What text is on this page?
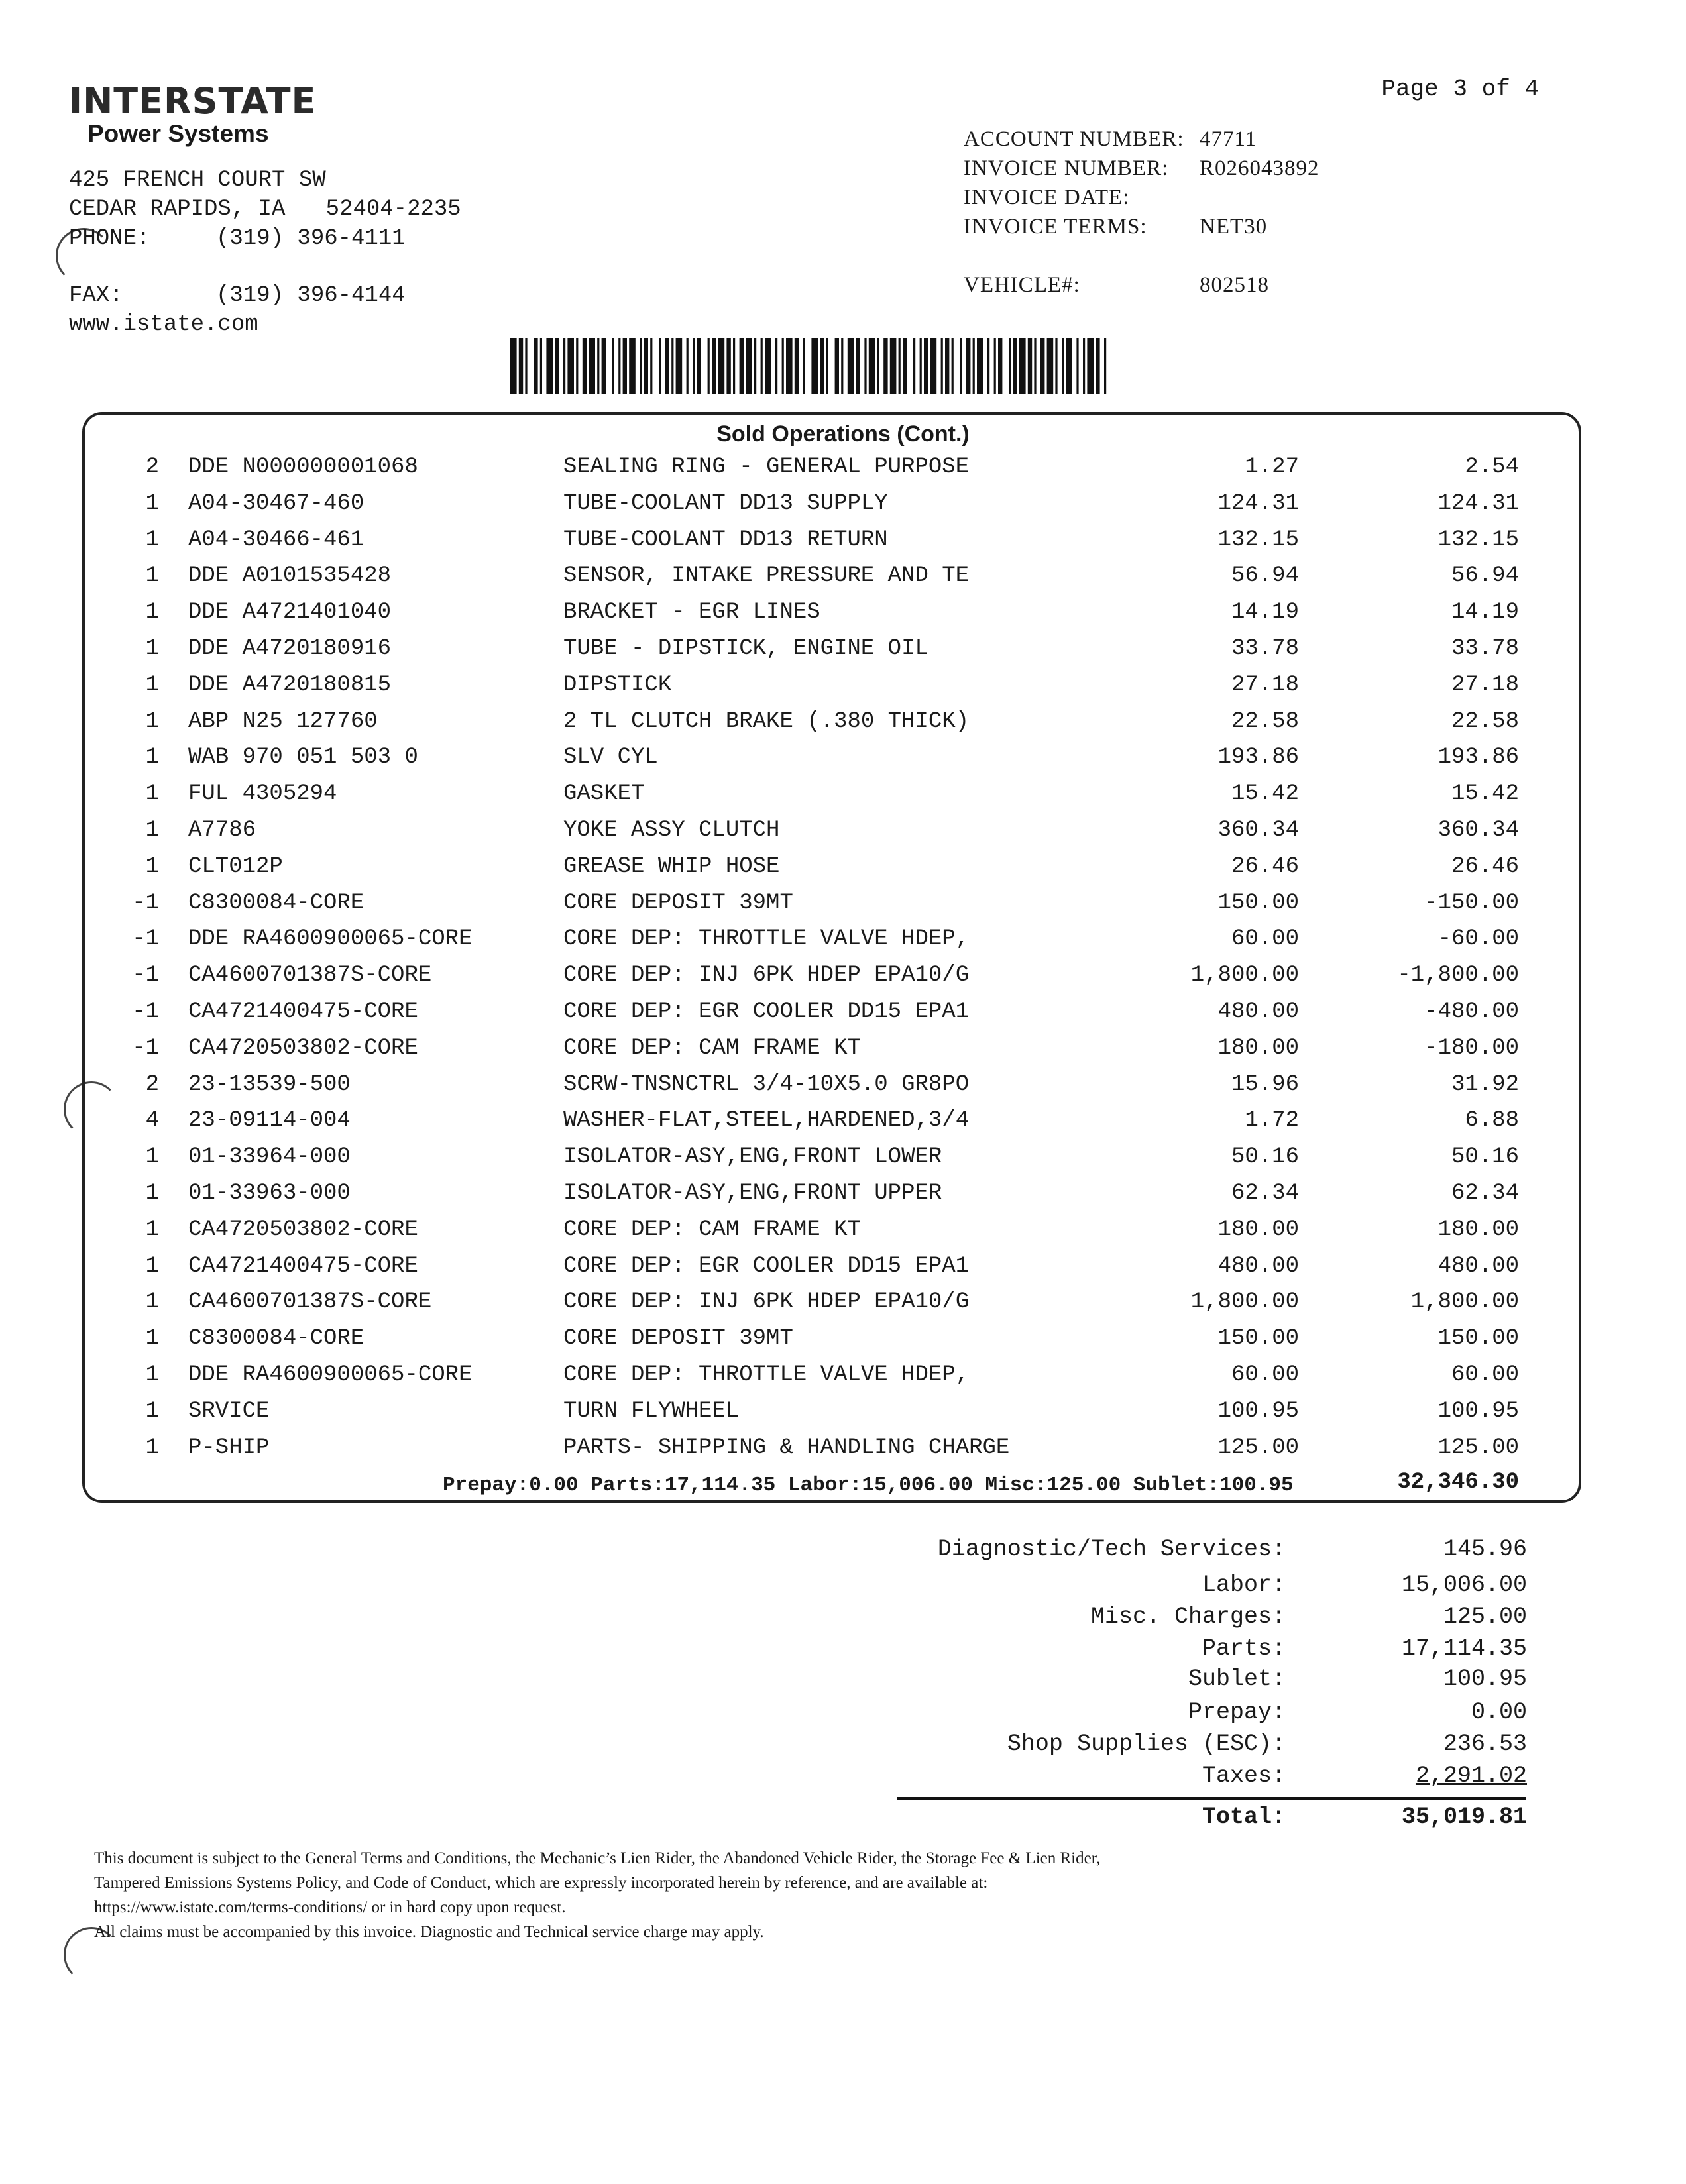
INTERSTATE
Power Systems
425 FRENCH COURT SW
CEDAR RAPIDS, IA   52404-2235
PHONE:	(319) 396-4111
FAX:	(319) 396-4144
www.istate.com
Page 3 of 4
ACCOUNT NUMBER: 47711
INVOICE NUMBER: R026043892
INVOICE DATE:
INVOICE TERMS: NET30
VEHICLE#:	802518
Sold Operations (Cont.)
2 DDE N000000001068	SEALING RING - GENERAL PURPOSE	1.27	2.54
1 A04-30467-460	TUBE-COOLANT DD13 SUPPLY	124.31	124.31
1 A04-30466-461	TUBE-COOLANT DD13 RETURN	132.15	132.15
1 DDE A0101535428	SENSOR, INTAKE PRESSURE AND TE	56.94	56.94
1 DDE A4721401040	BRACKET - EGR LINES	14.19	14.19
1 DDE A4720180916	TUBE - DIPSTICK, ENGINE OIL	33.78	33.78
1 DDE A4720180815	DIPSTICK	27.18	27.18
1 ABP N25 127760	2 TL CLUTCH BRAKE (.380 THICK)	22.58	22.58
1 WAB 970 051 503 0	SLV CYL	193.86	193.86
1 FUL 4305294	GASKET	15.42	15.42
1 A7786	YOKE ASSY CLUTCH	360.34	360.34
1 CLT012P	GREASE WHIP HOSE	26.46	26.46
-1 C8300084-CORE	CORE DEPOSIT 39MT	150.00	-150.00
-1 DDE RA4600900065-CORE	CORE DEP: THROTTLE VALVE HDEP,	60.00	-60.00
-1 CA4600701387S-CORE	CORE DEP: INJ 6PK HDEP EPA10/G	1,800.00	-1,800.00
-1 CA4721400475-CORE	CORE DEP: EGR COOLER DD15 EPA1	480.00	-480.00
-1 CA4720503802-CORE	CORE DEP: CAM FRAME KT	180.00	-180.00
2 23-13539-500	SCRW-TNSNCTRL 3/4-10X5.0 GR8PO	15.96	31.92
4 23-09114-004	WASHER-FLAT,STEEL,HARDENED,3/4	1.72	6.88
1 01-33964-000	ISOLATOR-ASY,ENG,FRONT LOWER	50.16	50.16
1 01-33963-000	ISOLATOR-ASY,ENG,FRONT UPPER	62.34	62.34
1 CA4720503802-CORE	CORE DEP: CAM FRAME KT	180.00	180.00
1 CA4721400475-CORE	CORE DEP: EGR COOLER DD15 EPA1	480.00	480.00
1 CA4600701387S-CORE	CORE DEP: INJ 6PK HDEP EPA10/G	1,800.00	1,800.00
1 C8300084-CORE	CORE DEPOSIT 39MT	150.00	150.00
1 DDE RA4600900065-CORE	CORE DEP: THROTTLE VALVE HDEP,	60.00	60.00
1 SRVICE	TURN FLYWHEEL	100.95	100.95
1 P-SHIP	PARTS- SHIPPING & HANDLING CHARGE	125.00	125.00
Prepay:0.00 Parts:17,114.35 Labor:15,006.00 Misc:125.00 Sublet:100.95	32,346.30
Diagnostic/Tech Services:	145.96
Labor:	15,006.00
Misc. Charges:	125.00
Parts:	17,114.35
Sublet:	100.95
Prepay:	0.00
Shop Supplies (ESC):	236.53
Taxes:	2,291.02
Total:	35,019.81
This document is subject to the General Terms and Conditions, the Mechanic’s Lien Rider, the Abandoned Vehicle Rider, the Storage Fee & Lien Rider,
Tampered Emissions Systems Policy, and Code of Conduct, which are expressly incorporated herein by reference, and are available at:
https://www.istate.com/terms-conditions/ or in hard copy upon request.
All claims must be accompanied by this invoice. Diagnostic and Technical service charge may apply.
